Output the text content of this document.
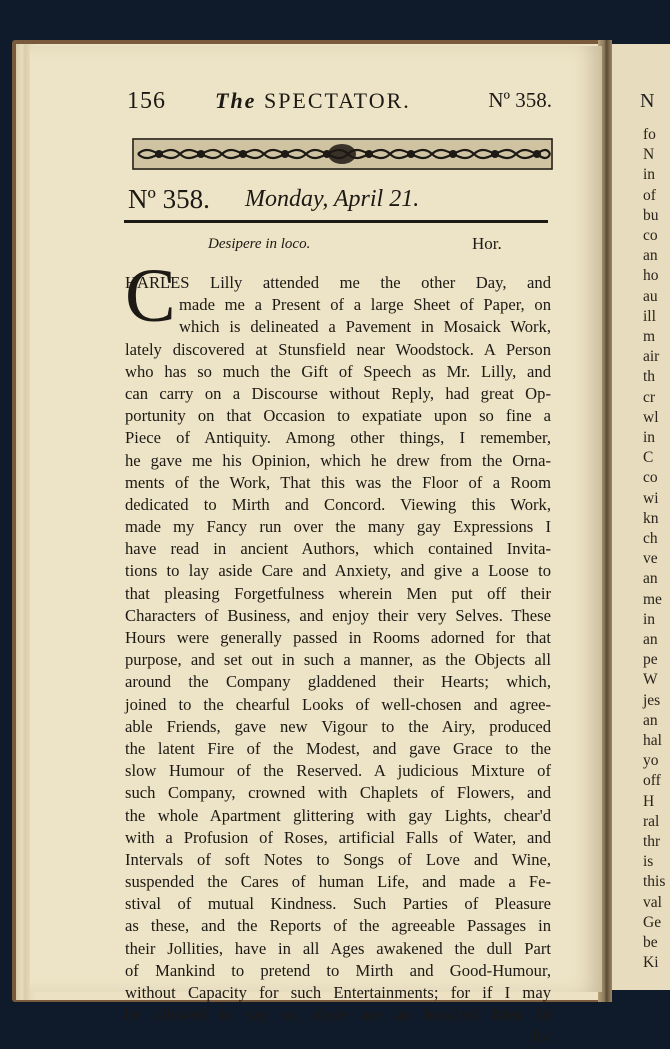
N
fo
N
in
of
bu
co
an
ho
au
ill
m
air
th
cr
wl
in
C
co
wi
kn
ch
ve
an
me
in
an
pe
W
jes
an
hal
yo
off
H
ral
thr
is
this
val
Ge
be
Ki
156 The SPECTATOR.	Nº 358.
Nº 358. Monday, April 21.
Desipere in loco.	Hor.
C
HARLES Lilly attended me the other Day, and
made me a Present of a large Sheet of Paper, on
which is delineated a Pavement in Mosaick Work,
lately discovered at Stunsfield near Woodstock. A Person
who has so much the Gift of Speech as Mr. Lilly, and
can carry on a Discourse without Reply, had great Op-
portunity on that Occasion to expatiate upon so fine a
Piece of Antiquity. Among other things, I remember,
he gave me his Opinion, which he drew from the Orna-
ments of the Work, That this was the Floor of a Room
dedicated to Mirth and Concord. Viewing this Work,
made my Fancy run over the many gay Expressions I
have read in ancient Authors, which contained Invita-
tions to lay aside Care and Anxiety, and give a Loose to
that pleasing Forgetfulness wherein Men put off their
Characters of Business, and enjoy their very Selves. These
Hours were generally passed in Rooms adorned for that
purpose, and set out in such a manner, as the Objects all
around the Company gladdened their Hearts; which,
joined to the chearful Looks of well-chosen and agree-
able Friends, gave new Vigour to the Airy, produced
the latent Fire of the Modest, and gave Grace to the
slow Humour of the Reserved. A judicious Mixture of
such Company, crowned with Chaplets of Flowers, and
the whole Apartment glittering with gay Lights, chear'd
with a Profusion of Roses, artificial Falls of Water, and
Intervals of soft Notes to Songs of Love and Wine,
suspended the Cares of human Life, and made a Fe-
stival of mutual Kindness. Such Parties of Pleasure
as these, and the Reports of the agreeable Passages in
their Jollities, have in all Ages awakened the dull Part
of Mankind to pretend to Mirth and Good-Humour,
without Capacity for such Entertainments; for if I may
be allowed to say so, there are an hundred Men fit
for
